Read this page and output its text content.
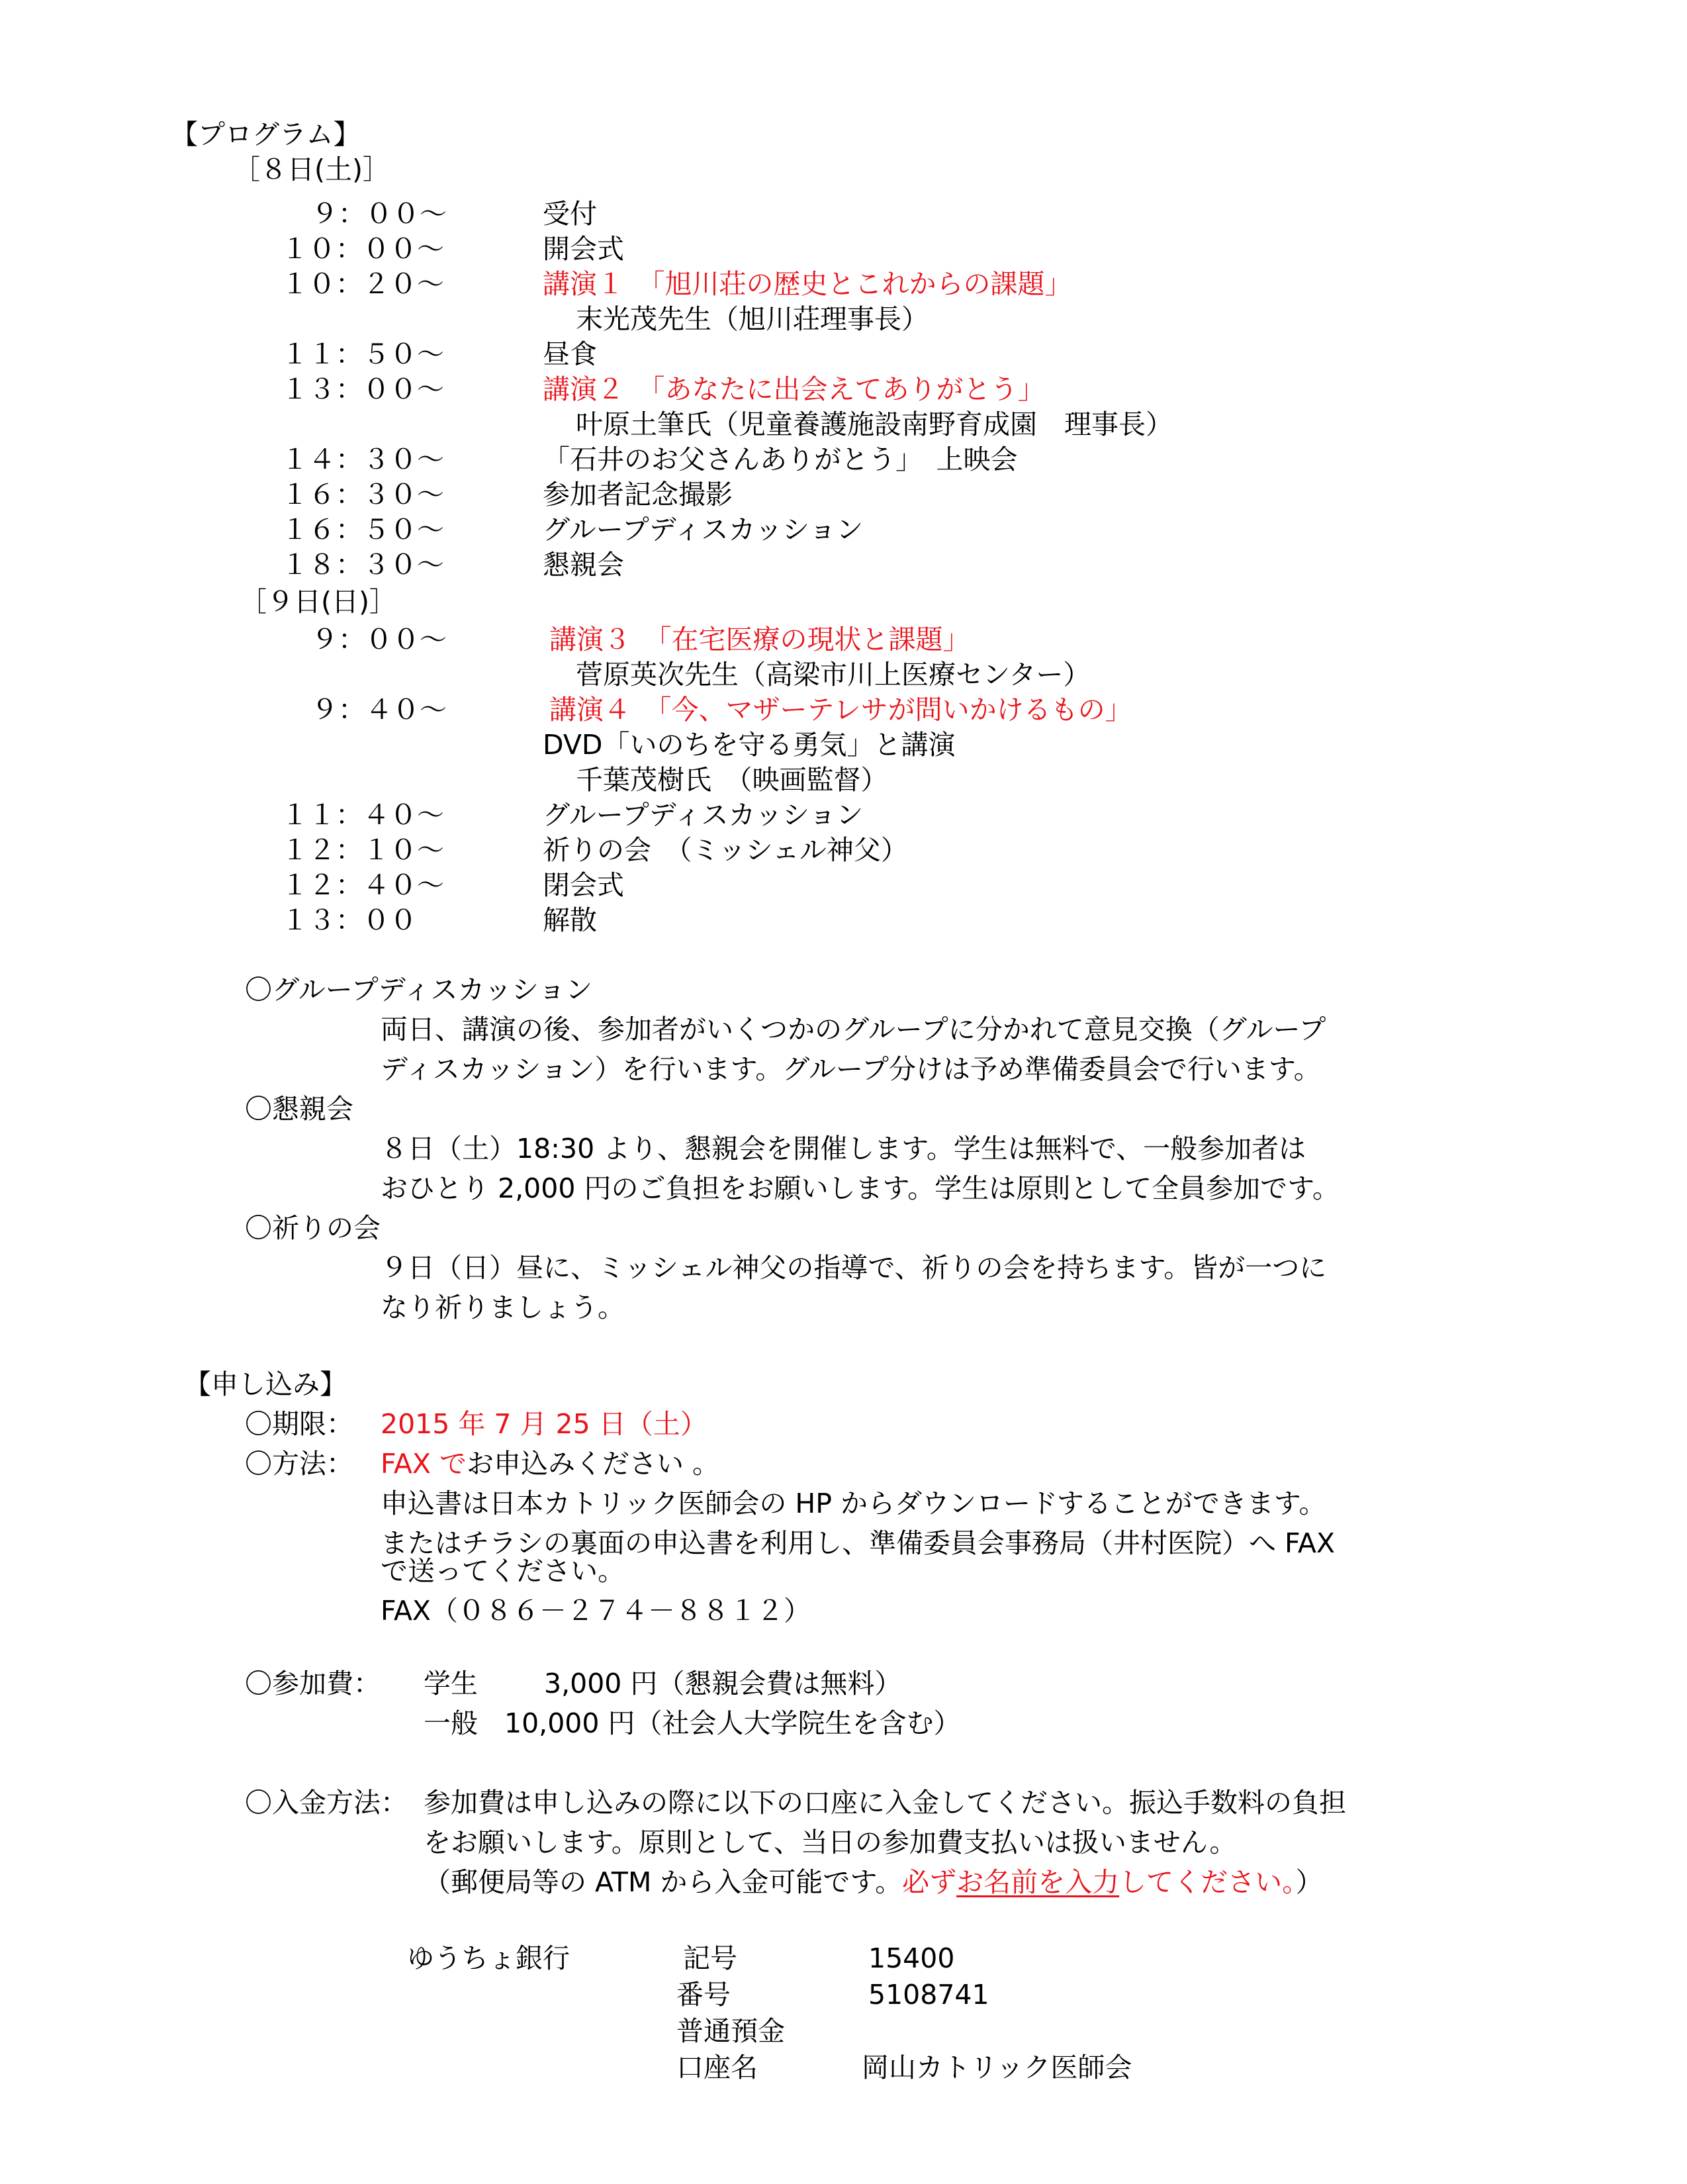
【プログラム】
［８日(土)］
９：００～	受付
１０：００～	開会式
１０：２０～	講演１　「旭川荘の歴史とこれからの課題」
末光茂先生（旭川荘理事長）
１１：５０～	昼食
１３：００～	講演２　「あなたに出会えてありがとう」
叶原土筆氏（児童養護施設南野育成園　理事長）
１４：３０～	「石井のお父さんありがとう」　上映会
１６：３０～	参加者記念撮影
１６：５０～	グループディスカッション
１８：３０～	懇親会
［９日(日)］
９：００～	講演３　「在宅医療の現状と課題」
菅原英次先生（高梁市川上医療センター）
９：４０～	講演４　「今、マザーテレサが問いかけるもの」
DVD「いのちを守る勇気」と講演
千葉茂樹氏　（映画監督）
１１：４０～	グループディスカッション
１２：１０～	祈りの会　（ミッシェル神父）
１２：４０～	閉会式
１３：００	解散
〇グループディスカッション
両日、講演の後、参加者がいくつかのグループに分かれて意見交換（グループ
ディスカッション）を行います。グループ分けは予め準備委員会で行います。
〇懇親会
８日（土）18:30 より、懇親会を開催します。学生は無料で、一般参加者は
おひとり 2,000 円のご負担をお願いします。学生は原則として全員参加です。
〇祈りの会
９日（日）昼に、ミッシェル神父の指導で、祈りの会を持ちます。皆が一つに
なり祈りましょう。
【申し込み】
〇期限： 2015 年 7 月 25 日（土）
〇方法： FAX でお申込みください 。
申込書は日本カトリック医師会の HP からダウンロードすることができます。
またはチラシの裏面の申込書を利用し、準備委員会事務局（井村医院）へ FAX
で送ってください。
FAX（０８６－２７４－８８１２）
〇参加費： 学生 3,000 円（懇親会費は無料）
一般 10,000 円（社会人大学院生を含む）
〇入金方法： 参加費は申し込みの際に以下の口座に入金してください。振込手数料の負担
をお願いします。原則として、当日の参加費支払いは扱いません。
（郵便局等の ATM から入金可能です。必ずお名前を入力してください。）
ゆうちょ銀行	記号	15400
番号	5108741
普通預金
口座名	岡山カトリック医師会
